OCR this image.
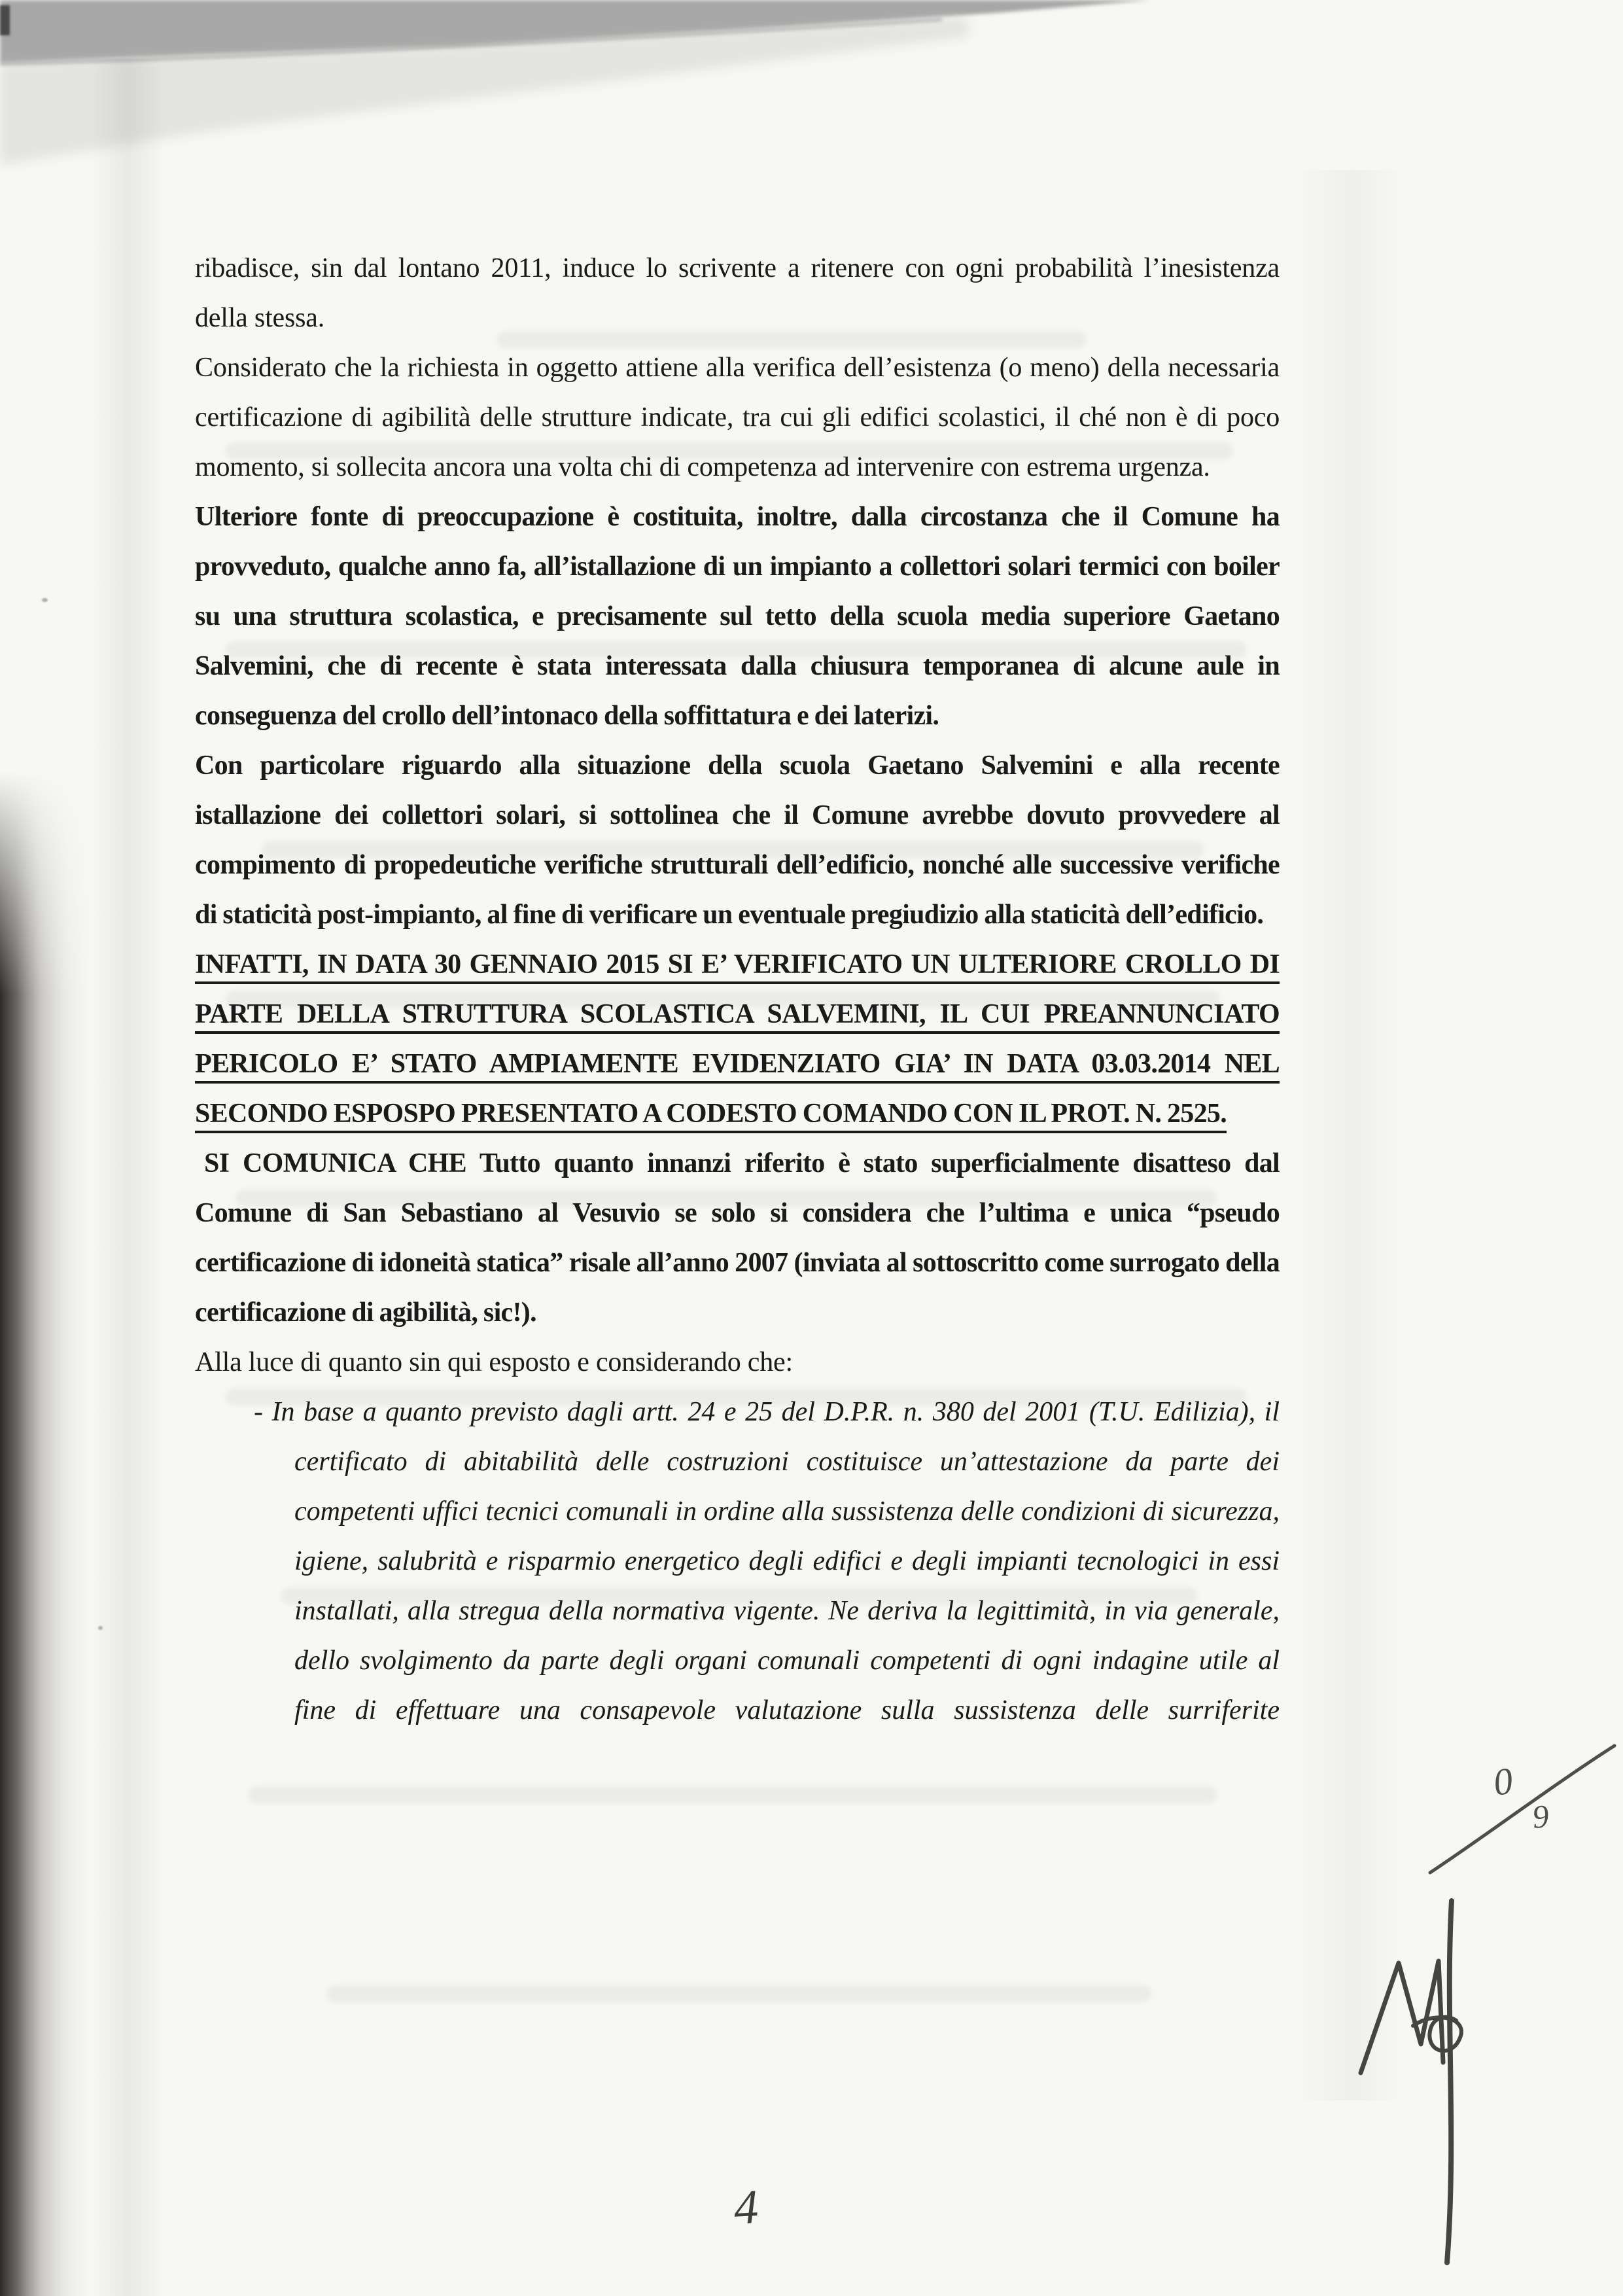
0
9

ribadisce, sin dal lontano 2011, induce lo scrivente a ritenere con ogni probabilità l’inesistenza della stessa.

Considerato che la richiesta in oggetto attiene alla verifica dell’esistenza (o meno) della necessaria certificazione di agibilità delle strutture indicate, tra cui gli edifici scolastici, il ché non è di poco momento, si sollecita ancora una volta chi di competenza ad intervenire con estrema urgenza.

Ulteriore fonte di preoccupazione è costituita, inoltre, dalla circostanza che il Comune ha provveduto, qualche anno fa, all’istallazione di un impianto a collettori solari termici con boiler su una struttura scolastica, e precisamente sul tetto della scuola media superiore Gaetano Salvemini, che di recente è stata interessata dalla chiusura temporanea di alcune aule in conseguenza del crollo dell’intonaco della soffittatura e dei laterizi.

Con particolare riguardo alla situazione della scuola Gaetano Salvemini e alla recente istallazione dei collettori solari, si sottolinea che il Comune avrebbe dovuto provvedere al compimento di propedeutiche verifiche strutturali dell’edificio, nonché alle successive verifiche di staticità post-impianto, al fine di verificare un eventuale pregiudizio alla staticità dell’edificio.

INFATTI, IN DATA 30 GENNAIO 2015 SI E’ VERIFICATO UN ULTERIORE CROLLO DI PARTE DELLA STRUTTURA SCOLASTICA SALVEMINI, IL CUI PREANNUNCIATO PERICOLO E’ STATO AMPIAMENTE EVIDENZIATO GIA’ IN DATA 03.03.2014 NEL SECONDO ESPOSPO PRESENTATO A CODESTO COMANDO CON IL PROT. N. 2525.

SI COMUNICA CHE Tutto quanto innanzi riferito è stato superficialmente disatteso dal Comune di San Sebastiano al Vesuvio se solo si considera che l’ultima e unica “pseudo certificazione di idoneità statica” risale all’anno 2007 (inviata al sottoscritto come surrogato della certificazione di agibilità, sic!).

Alla luce di quanto sin qui esposto e considerando che:

- In base a quanto previsto dagli artt. 24 e 25 del D.P.R. n. 380 del 2001 (T.U. Edilizia), il certificato di abitabilità delle costruzioni costituisce un’attestazione da parte dei competenti uffici tecnici comunali in ordine alla sussistenza delle condizioni di sicurezza, igiene, salubrità e risparmio energetico degli edifici e degli impianti tecnologici in essi installati, alla stregua della normativa vigente. Ne deriva la legittimità, in via generale, dello svolgimento da parte degli organi comunali competenti di ogni indagine utile al fine di effettuare una consapevole valutazione sulla sussistenza delle surriferite

4
